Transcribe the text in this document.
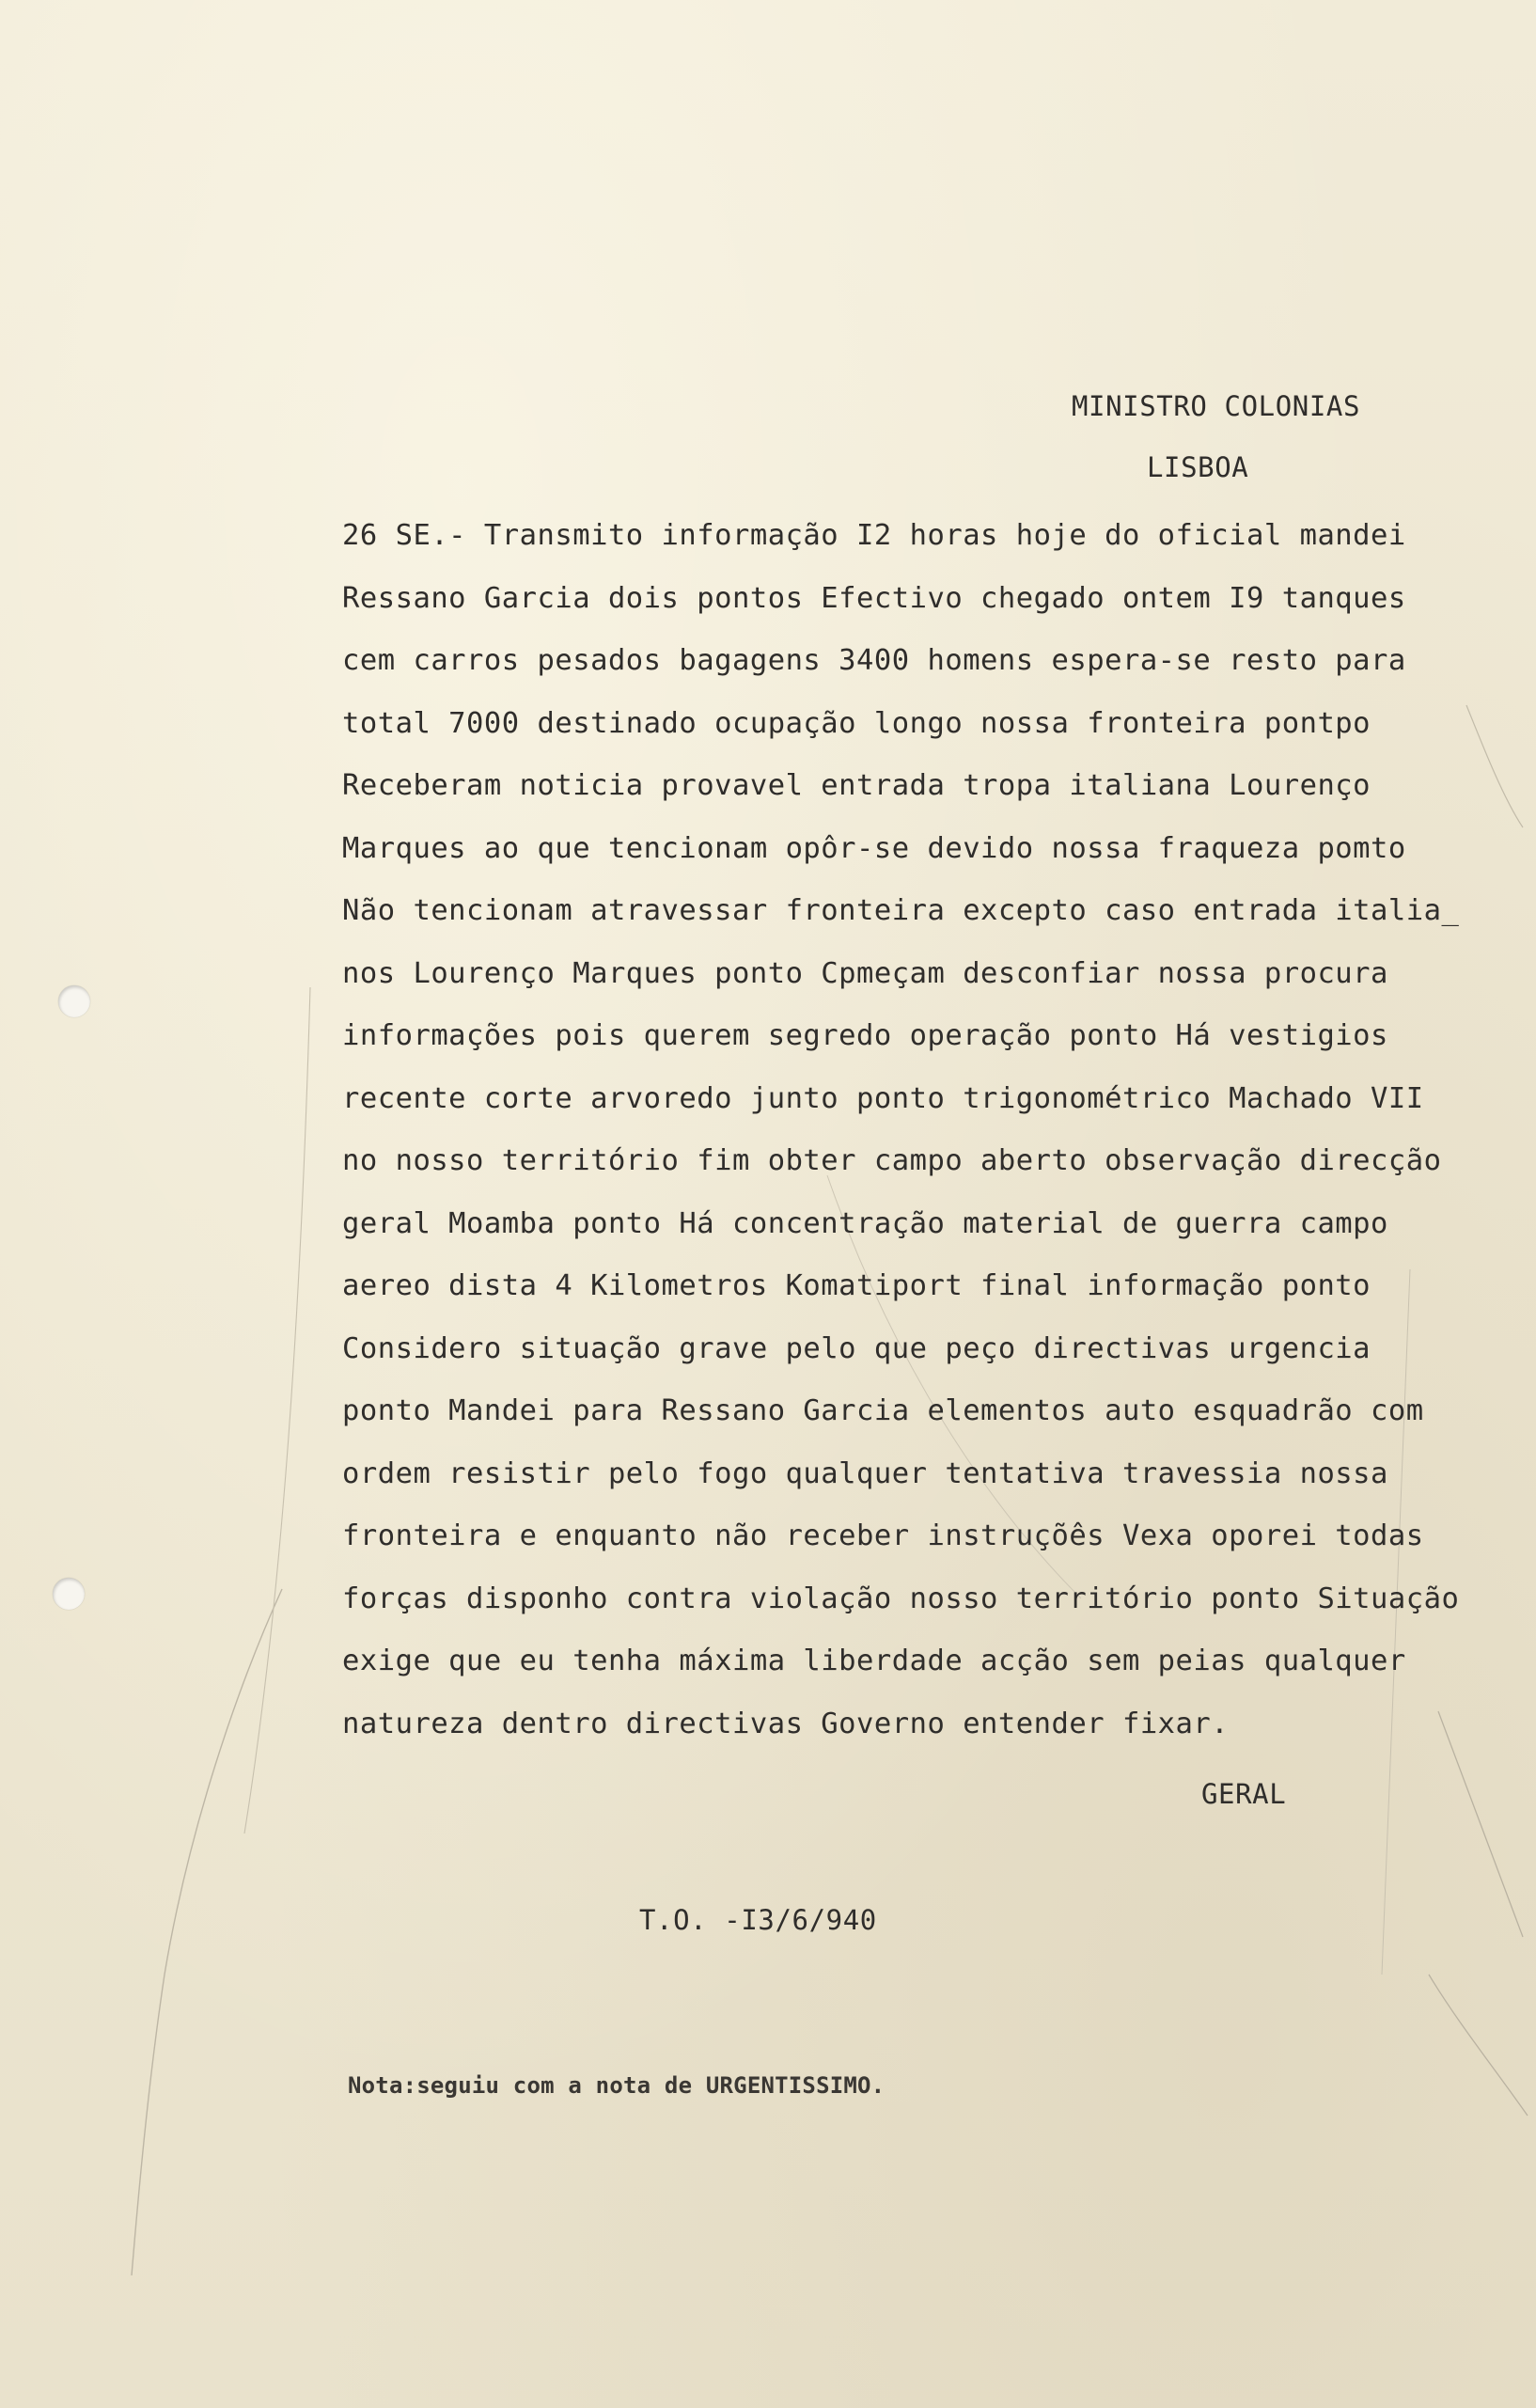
MINISTRO COLONIAS
LISBOA
26 SE.- Transmito informação I2 horas hoje do oficial mandei
Ressano Garcia dois pontos Efectivo chegado ontem I9 tanques
cem carros pesados bagagens 3400 homens espera-se resto para
total 7000 destinado ocupação longo nossa fronteira pontpo
Receberam noticia provavel entrada tropa italiana Lourenço
Marques ao que tencionam opôr-se devido nossa fraqueza pomto
Não tencionam atravessar fronteira excepto caso entrada italia_
nos Lourenço Marques ponto Cpmeçam desconfiar nossa procura
informações pois querem segredo operação ponto Há vestigios
recente corte arvoredo junto ponto trigonométrico Machado VII
no nosso território fim obter campo aberto observação direcção
geral Moamba ponto Há concentração material de guerra campo
aereo dista 4 Kilometros Komatiport final informação ponto
Considero situação grave pelo que peço directivas urgencia
ponto Mandei para Ressano Garcia elementos auto esquadrão com
ordem resistir pelo fogo qualquer tentativa travessia nossa
fronteira e enquanto não receber instruçõês Vexa oporei todas
forças disponho contra violação nosso território ponto Situação
exige que eu tenha máxima liberdade acção sem peias qualquer
natureza dentro directivas Governo entender fixar.
GERAL
T.O. -I3/6/940
Nota:seguiu com a nota de URGENTISSIMO.
